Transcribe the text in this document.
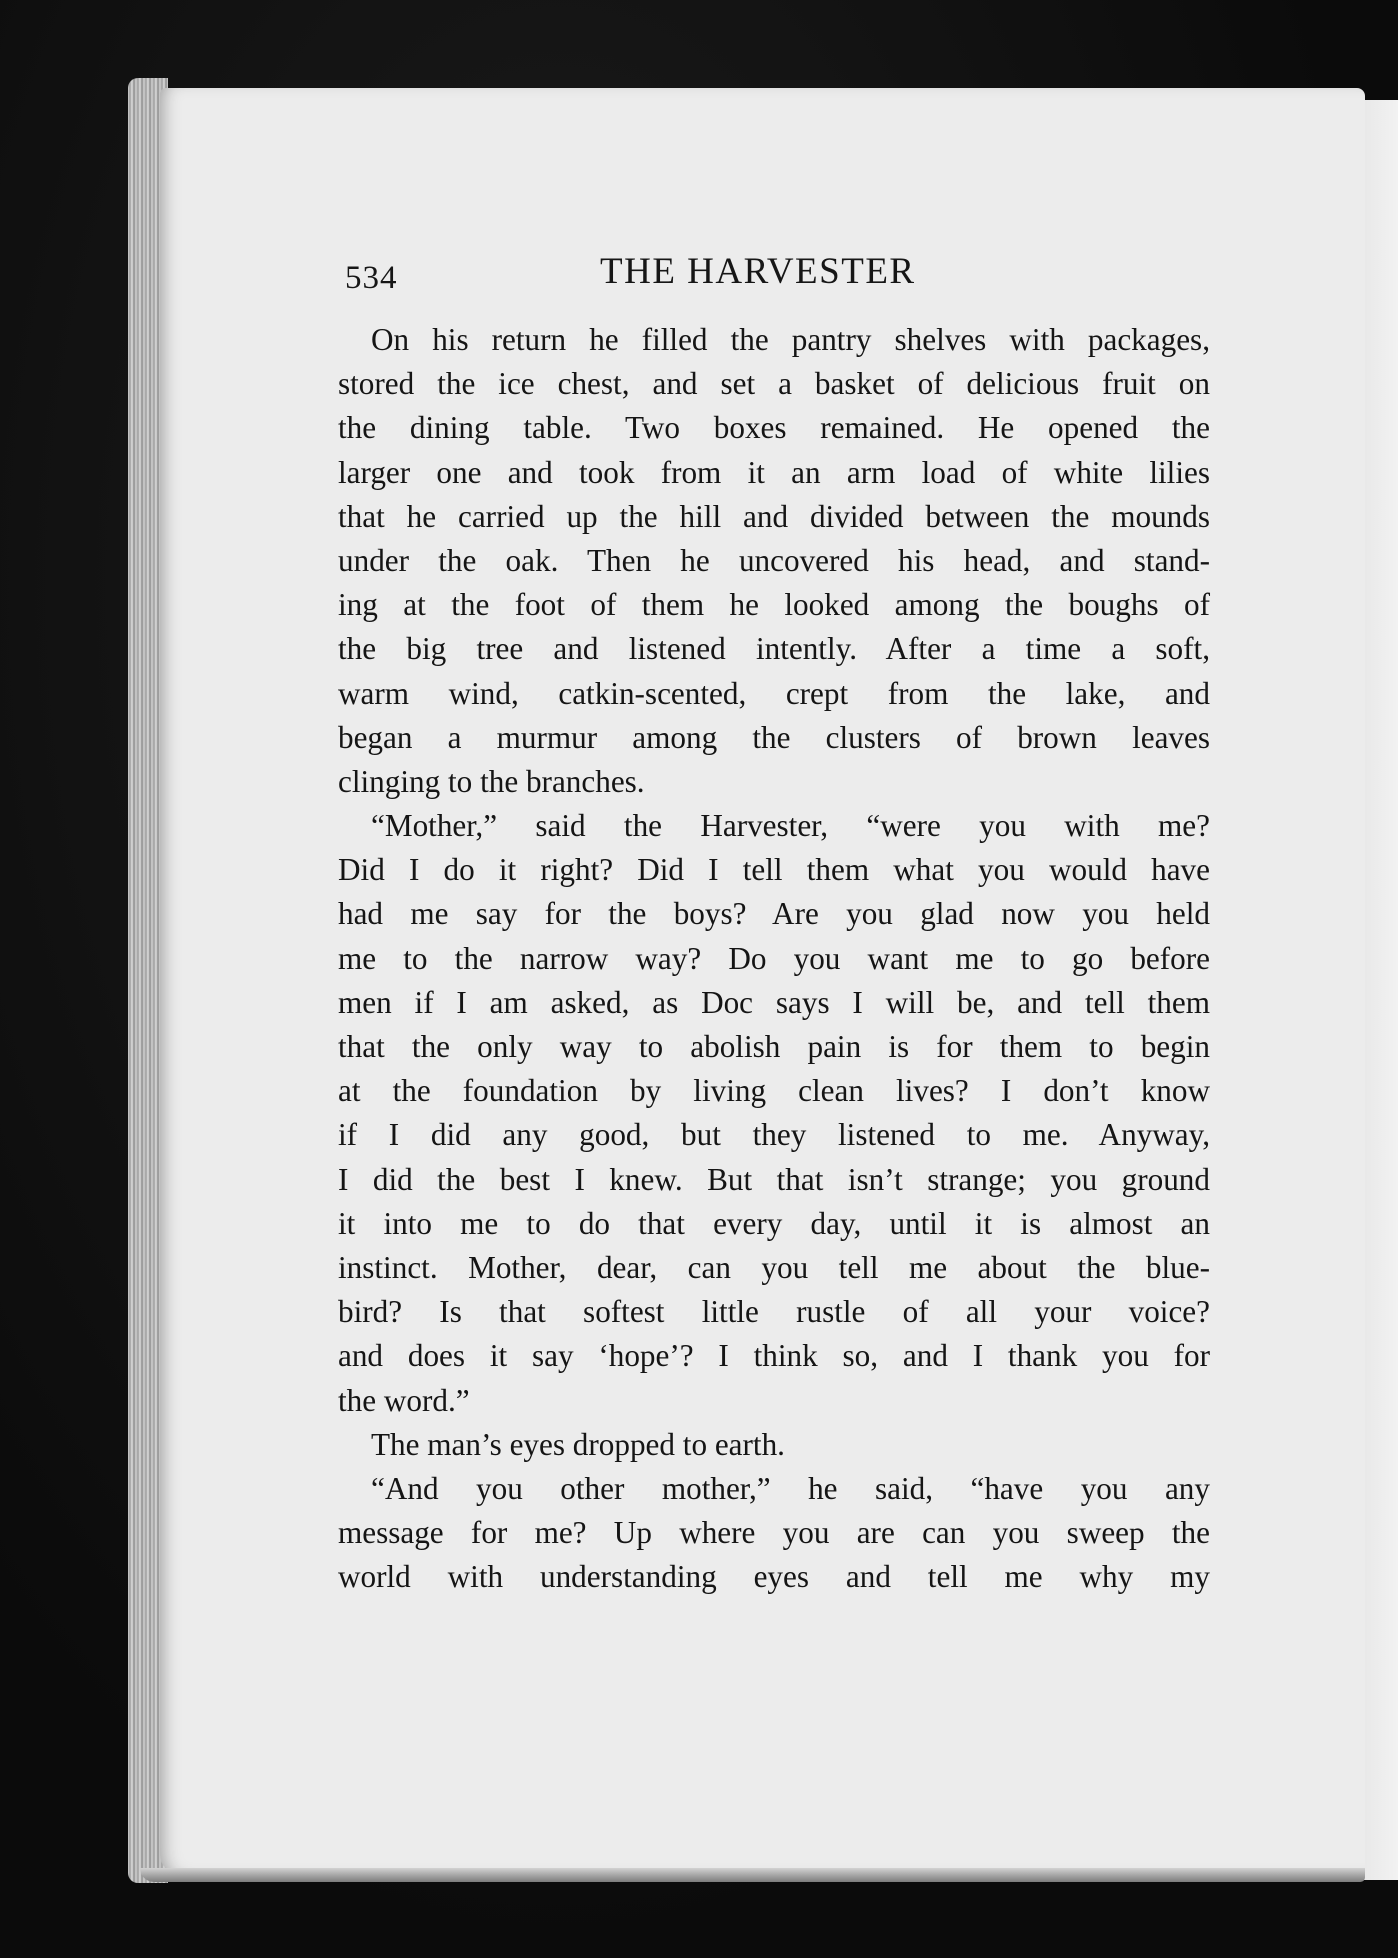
534	THE HARVESTER
On his return he filled the pantry shelves with packages,
stored the ice chest, and set a basket of delicious fruit on
the dining table. Two boxes remained. He opened the
larger one and took from it an arm load of white lilies
that he carried up the hill and divided between the mounds
under the oak. Then he uncovered his head, and stand-
ing at the foot of them he looked among the boughs of
the big tree and listened intently. After a time a soft,
warm wind, catkin-scented, crept from the lake, and
began a murmur among the clusters of brown leaves
clinging to the branches.
“Mother,” said the Harvester, “were you with me?
Did I do it right? Did I tell them what you would have
had me say for the boys? Are you glad now you held
me to the narrow way? Do you want me to go before
men if I am asked, as Doc says I will be, and tell them
that the only way to abolish pain is for them to begin
at the foundation by living clean lives? I don’t know
if I did any good, but they listened to me. Anyway,
I did the best I knew. But that isn’t strange; you ground
it into me to do that every day, until it is almost an
instinct. Mother, dear, can you tell me about the blue-
bird? Is that softest little rustle of all your voice?
and does it say ‘hope’? I think so, and I thank you for
the word.”
The man’s eyes dropped to earth.
“And you other mother,” he said, “have you any
message for me? Up where you are can you sweep the
world with understanding eyes and tell me why my
